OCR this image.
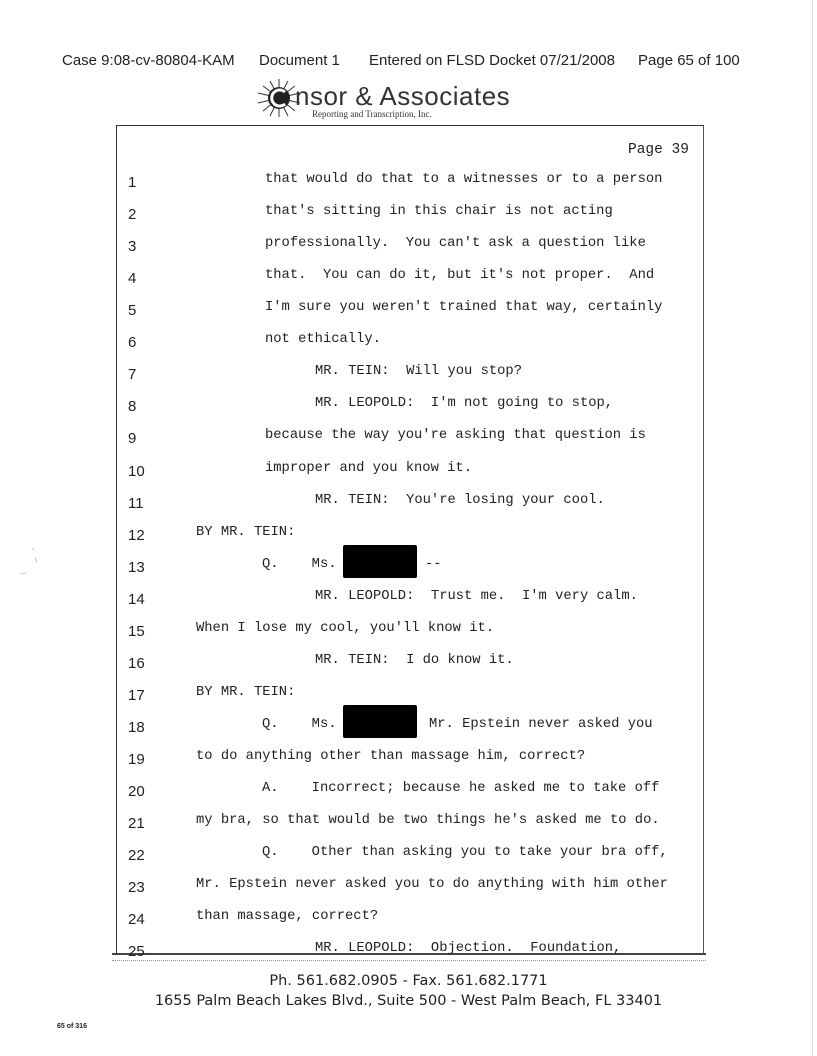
Case 9:08-cv-80804-KAM Document 1 Entered on FLSD Docket 07/21/2008 Page 65 of 100
nsor & Associates
Reporting and Transcription, Inc.
Page 39
1	that would do that to a witnesses or to a person
2	that's sitting in this chair is not acting
3	professionally.  You can't ask a question like
4	that.  You can do it, but it's not proper.  And
5	I'm sure you weren't trained that way, certainly
6	not ethically.
7	MR. TEIN:  Will you stop?
8	MR. LEOPOLD:  I'm not going to stop,
9	because the way you're asking that question is
10	improper and you know it.
11	MR. TEIN:  You're losing your cool.
12	BY MR. TEIN:
13	Q.    Ms.	--
14	MR. LEOPOLD:  Trust me.  I'm very calm.
15	When I lose my cool, you'll know it.
16	MR. TEIN:  I do know it.
17	BY MR. TEIN:
18	Q.    Ms.	Mr. Epstein never asked you
19	to do anything other than massage him, correct?
20	A.    Incorrect; because he asked me to take off
21	my bra, so that would be two things he's asked me to do.
22	Q.    Other than asking you to take your bra off,
23	Mr. Epstein never asked you to do anything with him other
24	than massage, correct?
25	MR. LEOPOLD:  Objection.  Foundation,
Ph. 561.682.0905 - Fax. 561.682.1771
1655 Palm Beach Lakes Blvd., Suite 500 - West Palm Beach, FL 33401
65 of 316
